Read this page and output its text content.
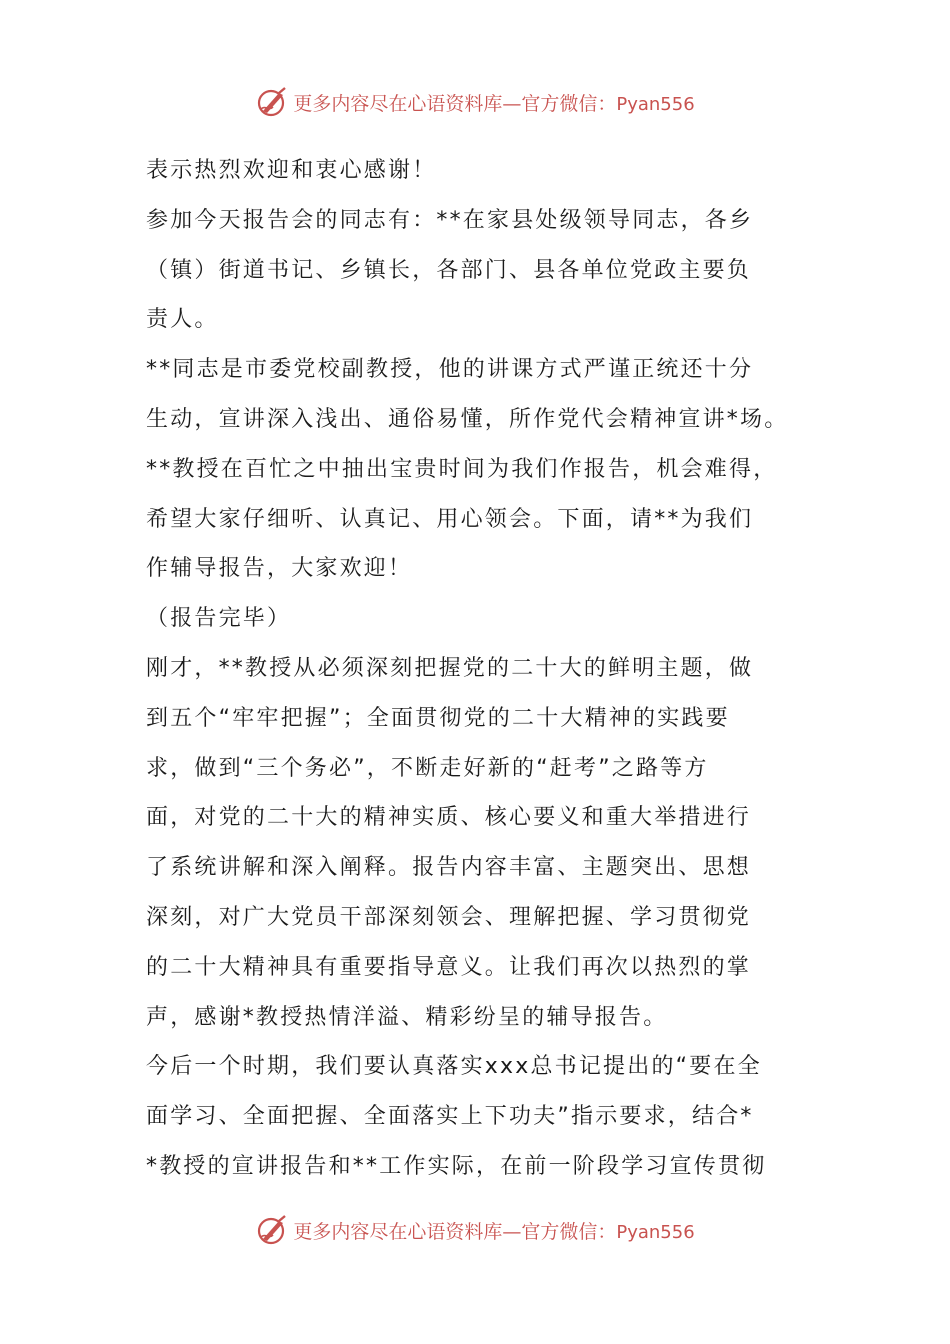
更多内容尽在心语资料库—官方微信：Pyan556
表示热烈欢迎和衷心感谢！
参加今天报告会的同志有：**在家县处级领导同志，各乡
（镇）街道书记、乡镇长，各部门、县各单位党政主要负
责人。
**同志是市委党校副教授，他的讲课方式严谨正统还十分
生动，宣讲深入浅出、通俗易懂，所作党代会精神宣讲*场。
**教授在百忙之中抽出宝贵时间为我们作报告，机会难得，
希望大家仔细听、认真记、用心领会。下面，请**为我们
作辅导报告，大家欢迎！
（报告完毕）
刚才，**教授从必须深刻把握党的二十大的鲜明主题，做
到五个“牢牢把握”；全面贯彻党的二十大精神的实践要
求，做到“三个务必”，不断走好新的“赶考”之路等方
面，对党的二十大的精神实质、核心要义和重大举措进行
了系统讲解和深入阐释。报告内容丰富、主题突出、思想
深刻，对广大党员干部深刻领会、理解把握、学习贯彻党
的二十大精神具有重要指导意义。让我们再次以热烈的掌
声，感谢*教授热情洋溢、精彩纷呈的辅导报告。
今后一个时期，我们要认真落实xxx总书记提出的“要在全
面学习、全面把握、全面落实上下功夫”指示要求，结合*
*教授的宣讲报告和**工作实际，在前一阶段学习宣传贯彻
更多内容尽在心语资料库—官方微信：Pyan556
